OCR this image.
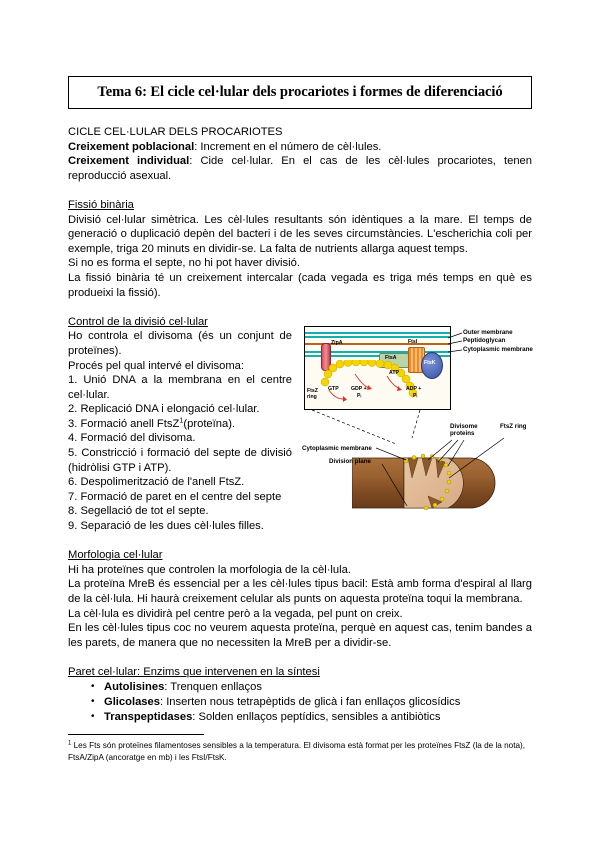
Tema 6: El cicle cel·lular dels procariotes i formes de diferenciació
CICLE CEL·LULAR DELS PROCARIOTES
Creixement poblacional: Increment en el número de cèl·lules.
Creixement individual: Cide cel·lular. En el cas de les cèl·lules procariotes, tenen reproducció asexual.
Fissió binària
Divisió cel·lular simètrica. Les cèl·lules resultants són idèntiques a la mare. El temps de generació o duplicació depèn del bacteri i de les seves circumstàncies. L'escherichia coli per exemple, triga 20 minuts en dividir-se. La falta de nutrients allarga aquest temps.
Si no es forma el septe, no hi pot haver divisió.
La fissió binària té un creixement intercalar (cada vegada es triga més temps en què es produeixi la fissió).
ZipA
FtsA
FtsI
FtsK
GTP GDP +
Pᵢ
ATP
ADP +
Pᵢ
FtsZ
ring
Outer membrane
Peptidoglycan
Cytoplasmic membrane
Divisome
proteins
FtsZ ring
Cytoplasmic membrane
Division plane
Control de la divisió cel·lular
Ho controla el divisoma (és un conjunt de proteïnes).
Procés pel qual intervé el divisoma:
1. Unió DNA a la membrana en el centre cel·lular.
2. Replicació DNA i elongació cel·lular.
3. Formació anell FtsZ$^1$(proteïna).
4. Formació del divisoma.
5. Constricció i formació del septe de divisió (hidròlisi GTP i ATP).
6. Despolimerització de l'anell FtsZ.
7. Formació de paret en el centre del septe
8. Segellació de tot el septe.
9. Separació de les dues cèl·lules filles.
Morfologia cel·lular
Hi ha proteïnes que controlen la morfologia de la cèl·lula.
La proteïna MreB és essencial per a les cèl·lules tipus bacil: Està amb forma d'espiral al llarg de la cèl·lula. Hi haurà creixement celular als punts on aquesta proteïna toqui la membrana.
La cèl·lula es dividirà pel centre però a la vegada, pel punt on creix.
En les cèl·lules tipus coc no veurem aquesta proteïna, perquè en aquest cas, tenim bandes a les parets, de manera que no necessiten la MreB per a dividir-se.
Paret cel·lular: Enzims que intervenen en la síntesi
• Autolisines: Trenquen enllaços
• Glicolases: Inserten nous tetrapèptids de glicà i fan enllaços glicosídics
• Transpeptidases: Solden enllaços peptídics, sensibles a antibiòtics
$^1$ Les Fts són proteïnes filamentoses sensibles a la temperatura. El divisoma està format per les proteïnes FtsZ (la de la nota), FtsA/ZipA (ancoratge en mb) i les FtsI/FtsK.
